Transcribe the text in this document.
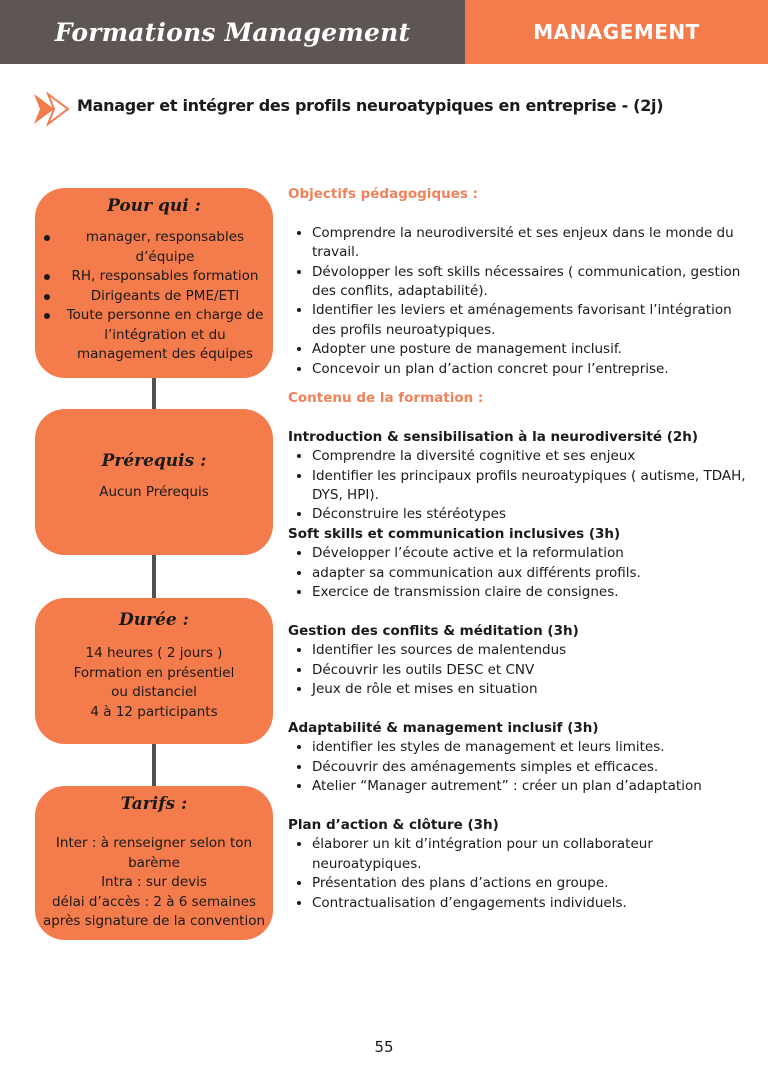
Formations Management	MANAGEMENT
Manager et intégrer des profils neuroatypiques en entreprise - (2j)
Pour qui :
manager, responsables d’équipe
RH, responsables formation
Dirigeants de PME/ETI
Toute personne en charge de l’intégration et du management des équipes
Prérequis :
Aucun Prérequis
Durée :
14 heures ( 2 jours )
Formation en présentiel
ou distanciel
4 à 12 participants
Tarifs :
Inter : à renseigner selon ton barème
Intra : sur devis
délai d’accès : 2 à 6 semaines après signature de la convention

Objectifs pédagogiques :

• Comprendre la neurodiversité et ses enjeux dans le monde du travail.
• Dévolopper les soft skills nécessaires ( communication, gestion des conflits, adaptabilité).
• Identifier les leviers et aménagements favorisant l’intégration des profils neuroatypiques.
• Adopter une posture de management inclusif.
• Concevoir un plan d’action concret pour l’entreprise.

Contenu de la formation :

Introduction & sensibilisation à la neurodiversité (2h)

• Comprendre la diversité cognitive et ses enjeux
• Identifier les principaux profils neuroatypiques ( autisme, TDAH, DYS, HPI).
• Déconstruire les stéréotypes

Soft skills et communication inclusives (3h)

• Développer l’écoute active et la reformulation
• adapter sa communication aux différents profils.
• Exercice de transmission claire de consignes.

Gestion des conflits & méditation (3h)

• Identifier les sources de malentendus
• Découvrir les outils DESC et CNV
• Jeux de rôle et mises en situation

Adaptabilité & management inclusif (3h)

• identifier les styles de management et leurs limites.
• Découvrir des aménagements simples et efficaces.
• Atelier “Manager autrement” : créer un plan d’adaptation

Plan d’action & clôture (3h)

• élaborer un kit d’intégration pour un collaborateur neuroatypiques.
• Présentation des plans d’actions en groupe.
• Contractualisation d’engagements individuels.
55
